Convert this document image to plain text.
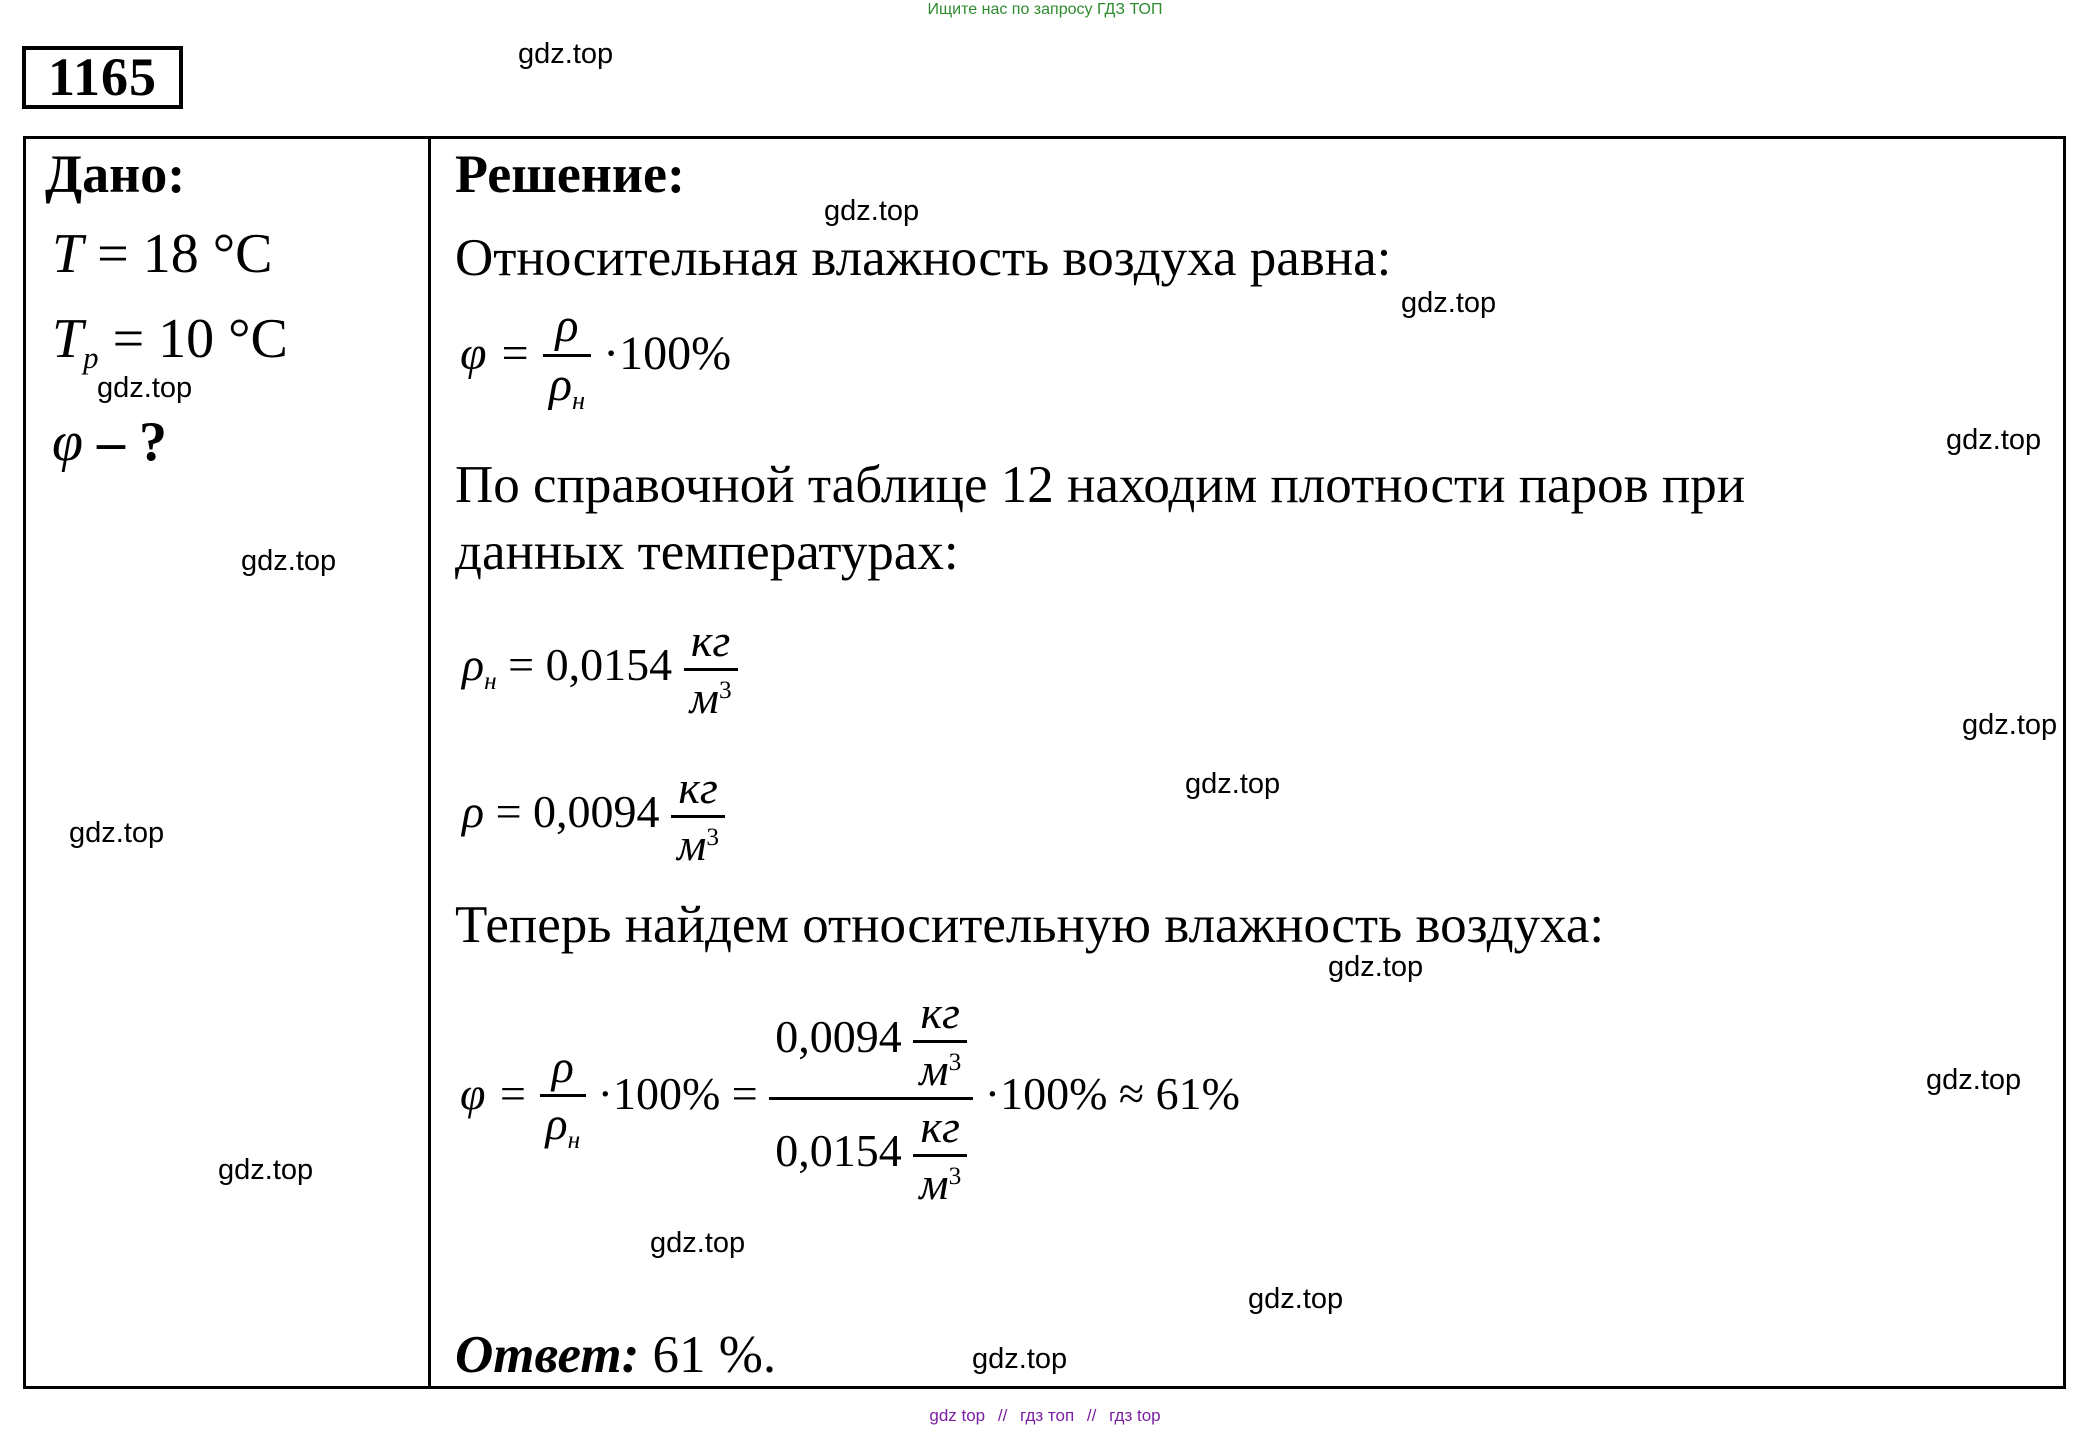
Ищите нас по запросу ГДЗ ТОП
1165
Дано:
T = 18 °C
$T_p = 10$ °C
φ – ?
Решение:
Относительная влажность воздуха равна:
$\varphi = \frac{\rho}{\rho_н} \cdot 100\%$
По справочной таблице 12 находим плотности паров при
данных температурах:
$\rho_н = 0,0154 \frac{кг}{м^3}$
$\rho = 0,0094 \frac{кг}{м^3}$
Теперь найдем относительную влажность воздуха:
$\varphi = \frac{\rho}{\rho_н} \cdot 100\% = \frac{0,0094 \frac{кг}{м^3}}{0,0154 \frac{кг}{м^3}} \cdot 100\% \approx 61\%$
Ответ: 61 %.
gdz.top
gdz.top
gdz.top
gdz.top
gdz.top
gdz.top
gdz.top
gdz.top
gdz.top
gdz.top
gdz.top
gdz.top
gdz.top
gdz.top
gdz.top
gdz top // гдз топ // гдз top
